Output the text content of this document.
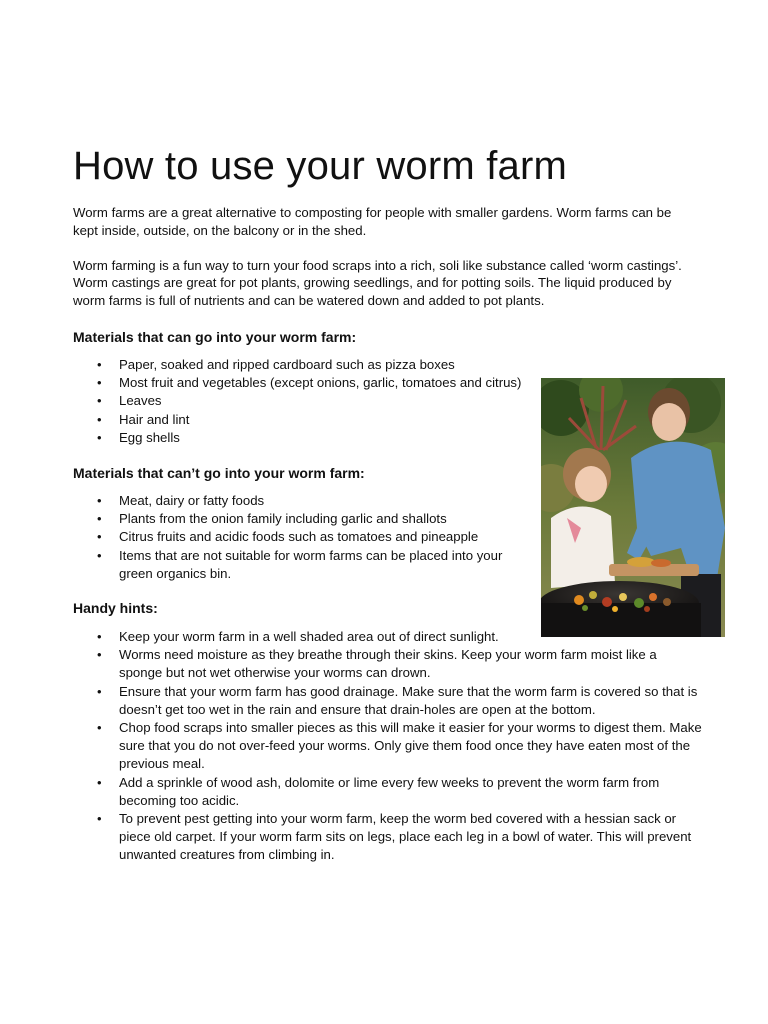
How to use your worm farm

Worm farms are a great alternative to composting for people with smaller gardens. Worm farms can be kept inside, outside, on the balcony or in the shed.

Worm farming is a fun way to turn your food scraps into a rich, soli like substance called ‘worm castings’. Worm castings are great for pot plants, growing seedlings, and for potting soils. The liquid produced by worm farms is full of nutrients and can be watered down and added to pot plants.

Materials that can go into your worm farm:
• Paper, soaked and ripped cardboard such as pizza boxes
• Most fruit and vegetables (except onions, garlic, tomatoes and citrus)
• Leaves
• Hair and lint
• Egg shells
Materials that can’t go into your worm farm:
• Meat, dairy or fatty foods
• Plants from the onion family including garlic and shallots
• Citrus fruits and acidic foods such as tomatoes and pineapple
• Items that are not suitable for worm farms can be placed into your green organics bin.
Handy hints:
• Keep your worm farm in a well shaded area out of direct sunlight.
• Worms need moisture as they breathe through their skins. Keep your worm farm moist like a sponge but not wet otherwise your worms can drown.
• Ensure that your worm farm has good drainage. Make sure that the worm farm is covered so that is doesn’t get too wet in the rain and ensure that drain-holes are open at the bottom.
• Chop food scraps into smaller pieces as this will make it easier for your worms to digest them. Make sure that you do not over-feed your worms. Only give them food once they have eaten most of the previous meal.
• Add a sprinkle of wood ash, dolomite or lime every few weeks to prevent the worm farm from becoming too acidic.
• To prevent pest getting into your worm farm, keep the worm bed covered with a hessian sack or piece old carpet. If your worm farm sits on legs, place each leg in a bowl of water. This will prevent unwanted creatures from climbing in.
